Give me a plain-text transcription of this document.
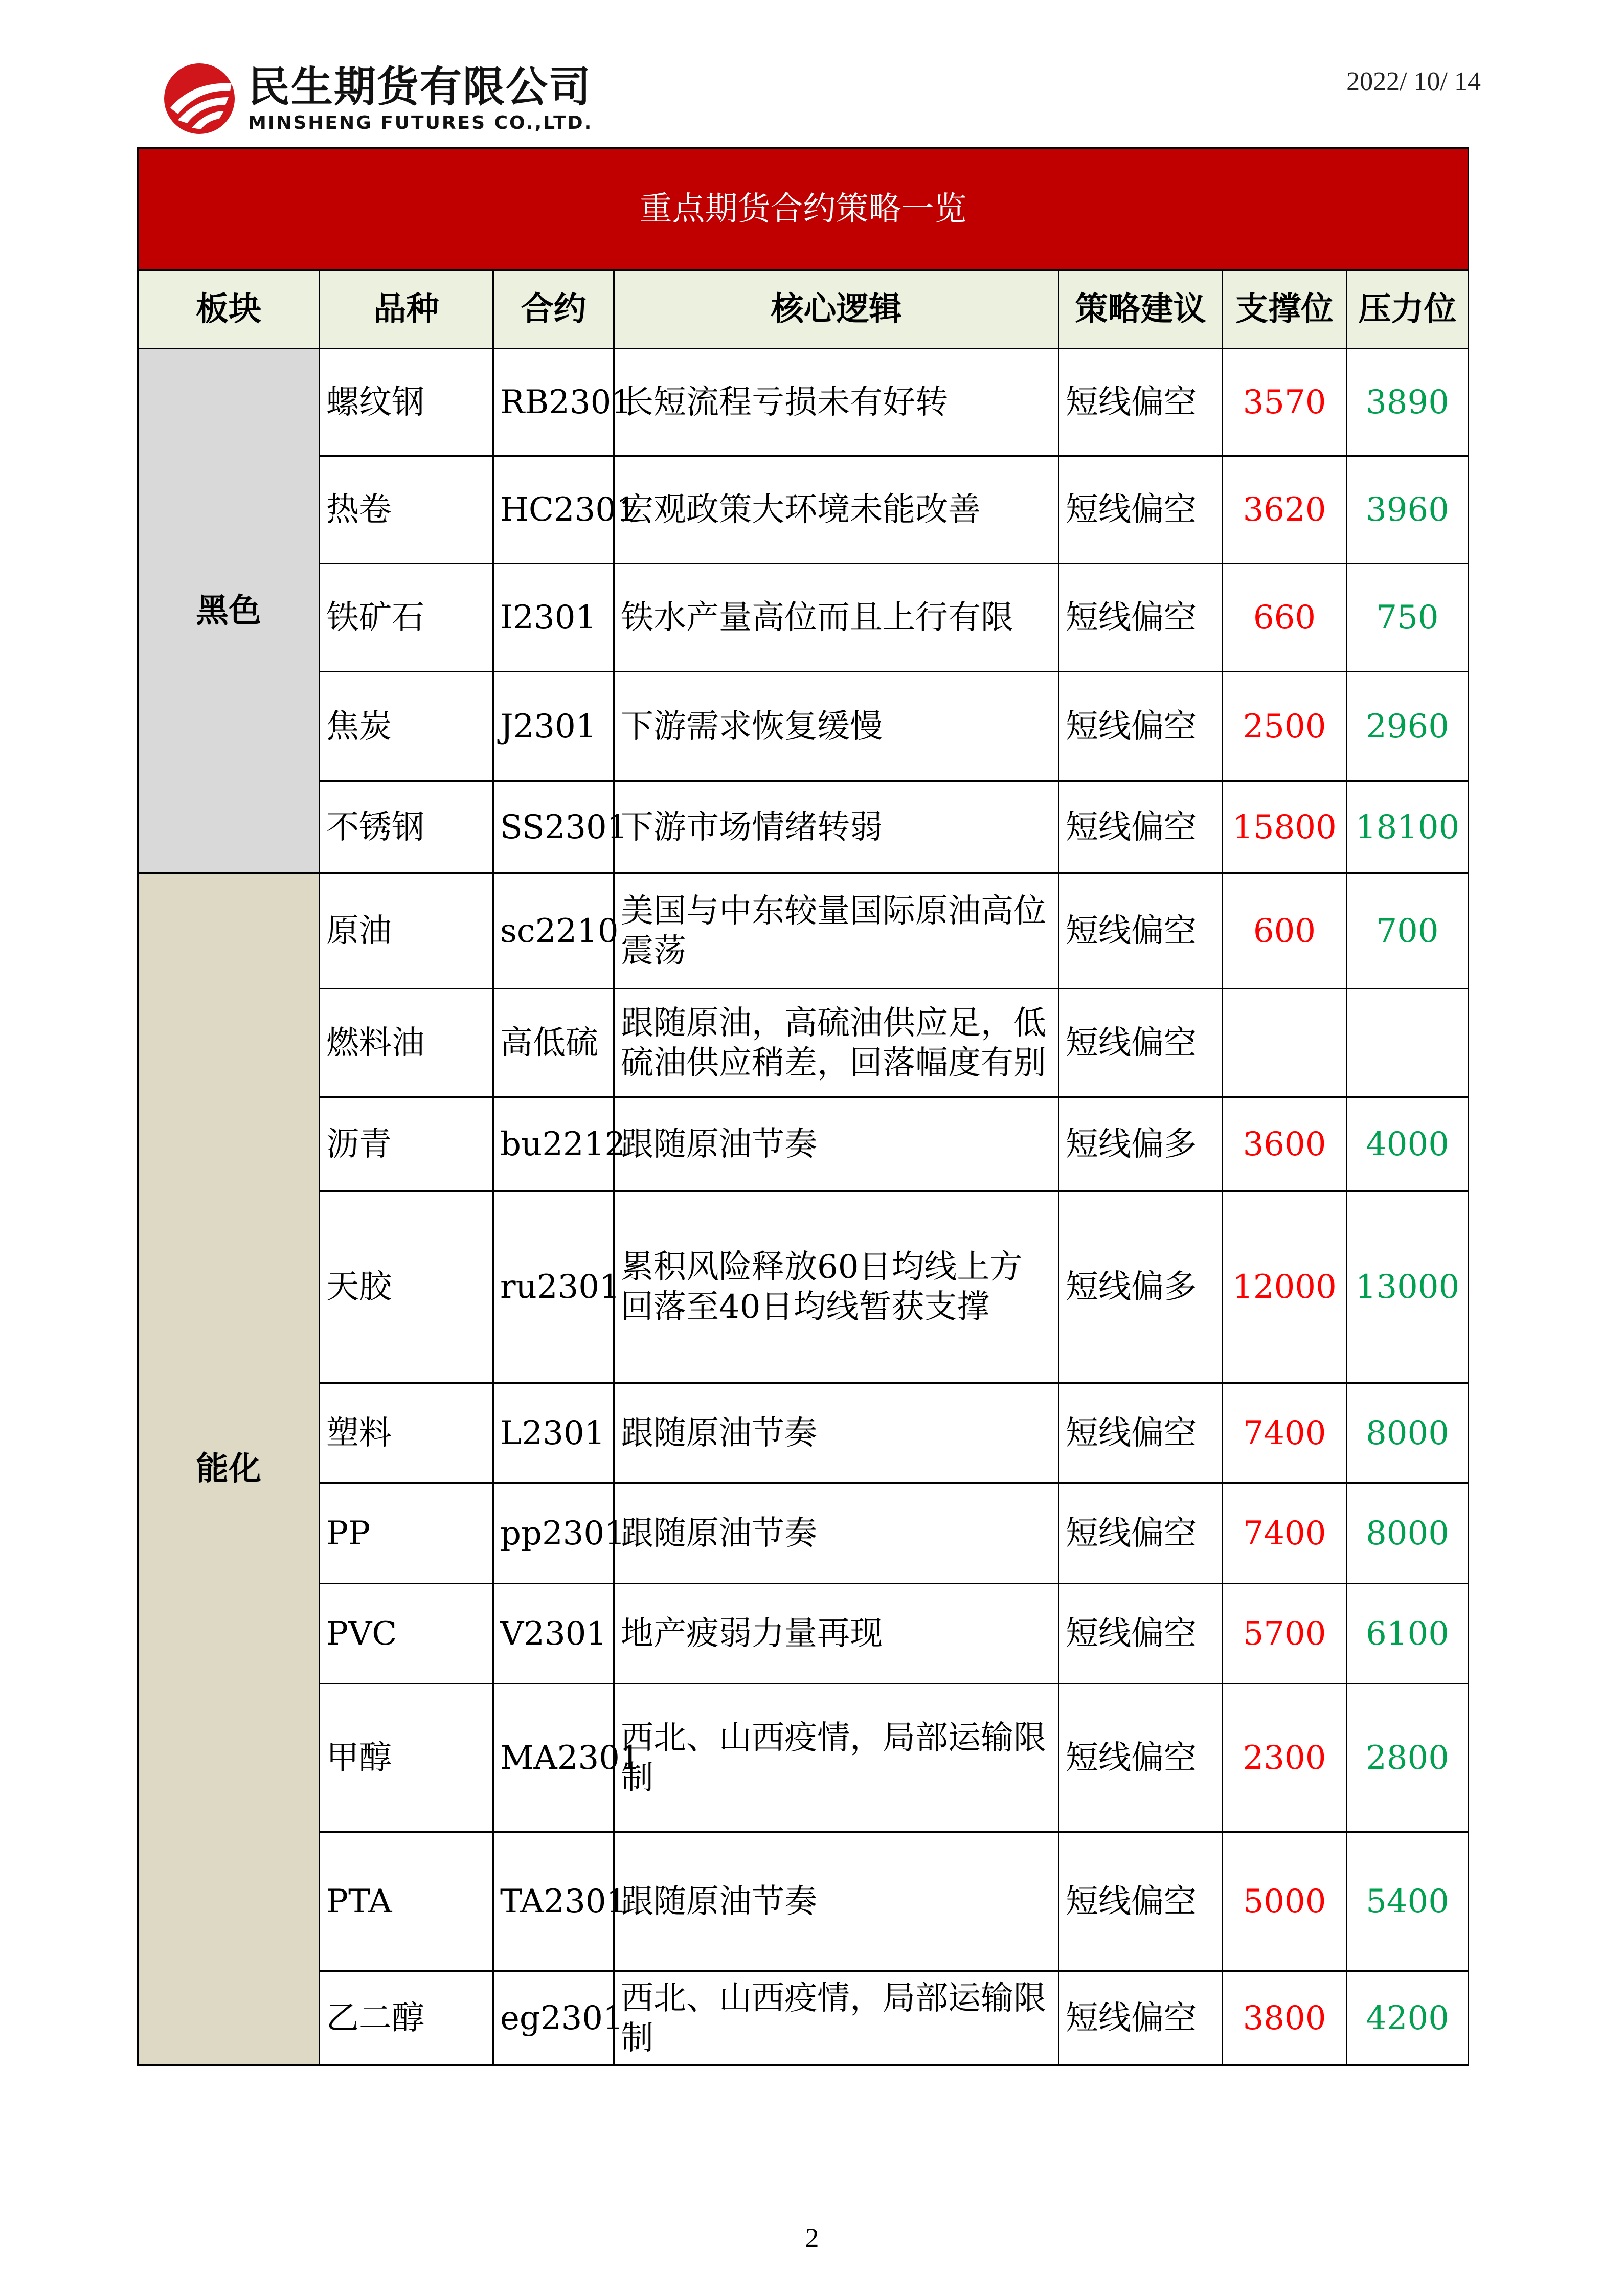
民生期货有限公司
MINSHENG FUTURES CO.,LTD.
2022/ 10/ 14
重点期货合约策略一览						
板块	品种	合约	核心逻辑	策略建议	支撑位	压力位
黑色	螺纹钢	RB2301	长短流程亏损未有好转	短线偏空	3570	3890
	热卷	HC2301	宏观政策大环境未能改善	短线偏空	3620	3960
	铁矿石	I2301	铁水产量高位而且上行有限	短线偏空	660	750
	焦炭	J2301	下游需求恢复缓慢	短线偏空	2500	2960
	不锈钢	SS2301	下游市场情绪转弱	短线偏空	15800	18100
能化	原油	sc2210	美国与中东较量国际原油高位震荡	短线偏空	600	700
	燃料油	高低硫	跟随原油，高硫油供应足，低硫油供应稍差，回落幅度有别	短线偏空		
	沥青	bu2212	跟随原油节奏	短线偏多	3600	4000
	天胶	ru2301	累积风险释放60日均线上方回落至40日均线暂获支撑	短线偏多	12000	13000
	塑料	L2301	跟随原油节奏	短线偏空	7400	8000
	PP	pp2301	跟随原油节奏	短线偏空	7400	8000
	PVC	V2301	地产疲弱力量再现	短线偏空	5700	6100
	甲醇	MA2301	西北、山西疫情，局部运输限制	短线偏空	2300	2800
	PTA	TA2301	跟随原油节奏	短线偏空	5000	5400
	乙二醇	eg2301	西北、山西疫情，局部运输限制	短线偏空	3800	4200
2
